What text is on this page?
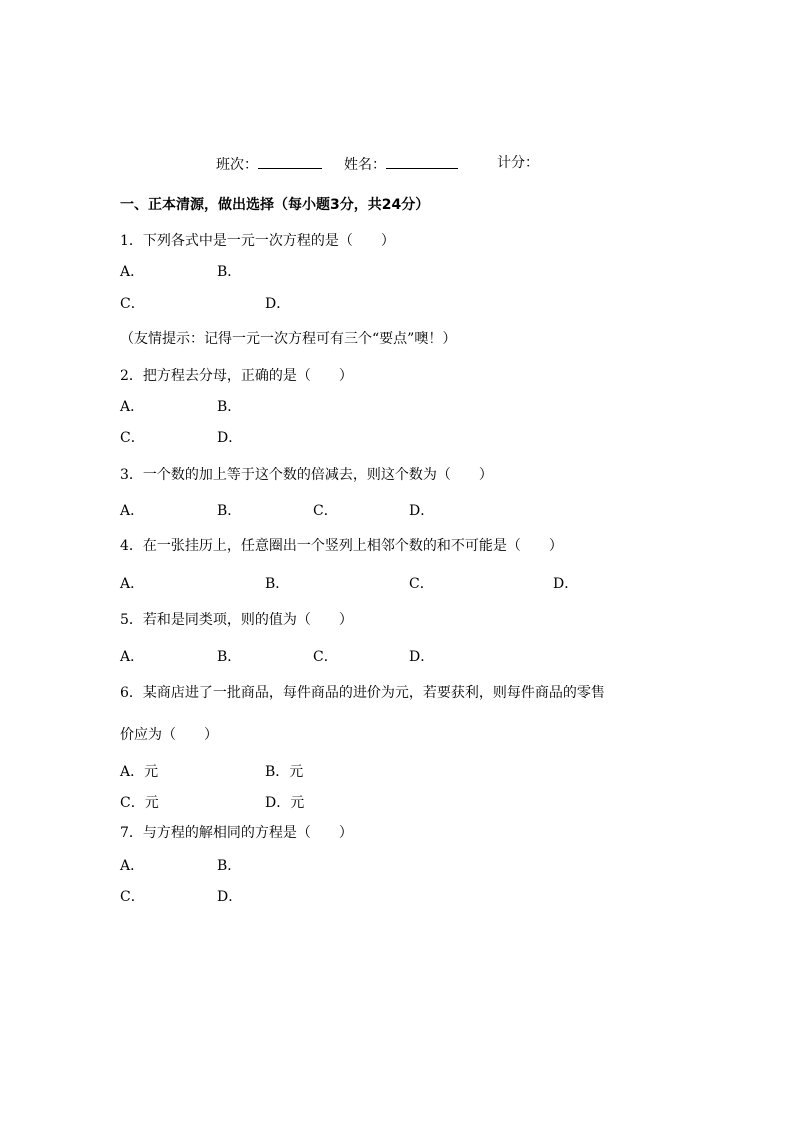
班次：	姓名：	计分：
一、正本清源，做出选择（每小题3分，共24分）
1．下列各式中是一元一次方程的是（　　）
A．	B．
C．	D．
（友情提示：记得一元一次方程可有三个“要点”噢！）
2．把方程去分母，正确的是（　　）
A．	B．
C．	D．
3．一个数的加上等于这个数的倍减去，则这个数为（　　）
A．	B．	C．	D．
4．在一张挂历上，任意圈出一个竖列上相邻个数的和不可能是（　　）
A．	B．	C．	D．
5．若和是同类项，则的值为（　　）
A．	B．	C．	D．
6．某商店进了一批商品，每件商品的进价为元，若要获利，则每件商品的零售
价应为（　　）
A．元	B．元
C．元	D．元
7．与方程的解相同的方程是（　　）
A．	B．
C．	D．
